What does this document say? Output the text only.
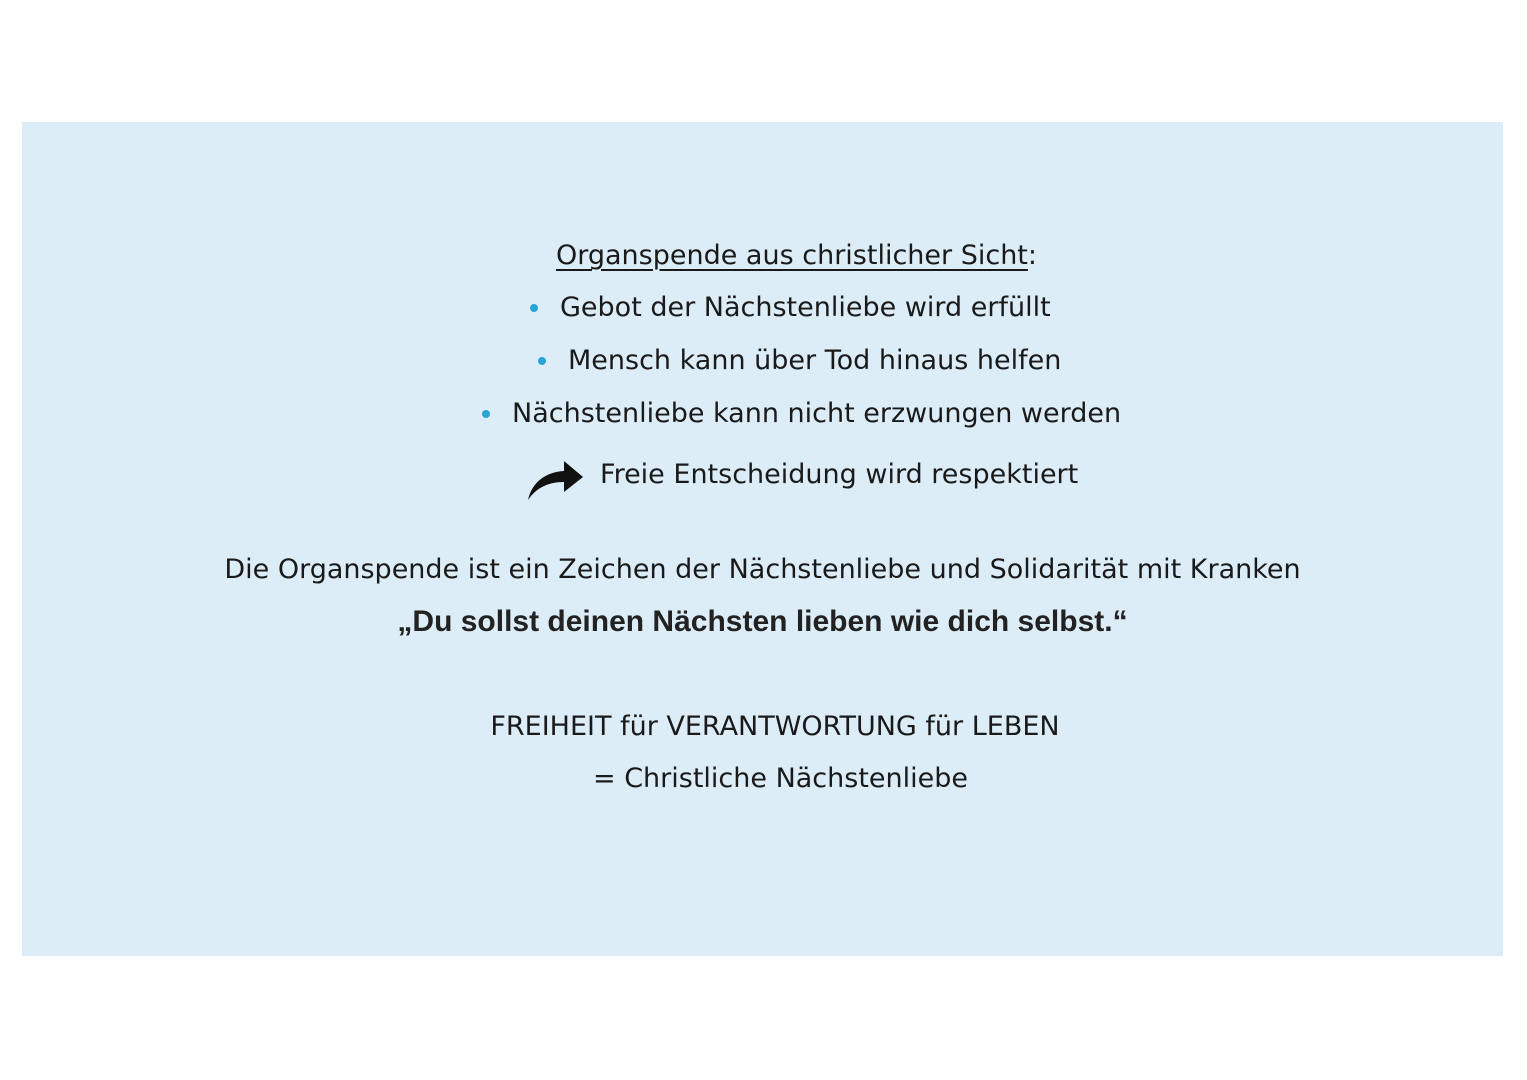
Organspende aus christlicher Sicht:
Gebot der Nächstenliebe wird erfüllt
Mensch kann über Tod hinaus helfen
Nächstenliebe kann nicht erzwungen werden
Freie Entscheidung wird respektiert
Die Organspende ist ein Zeichen der Nächstenliebe und Solidarität mit Kranken
„Du sollst deinen Nächsten lieben wie dich selbst.“
FREIHEIT für VERANTWORTUNG für LEBEN
= Christliche Nächstenliebe
